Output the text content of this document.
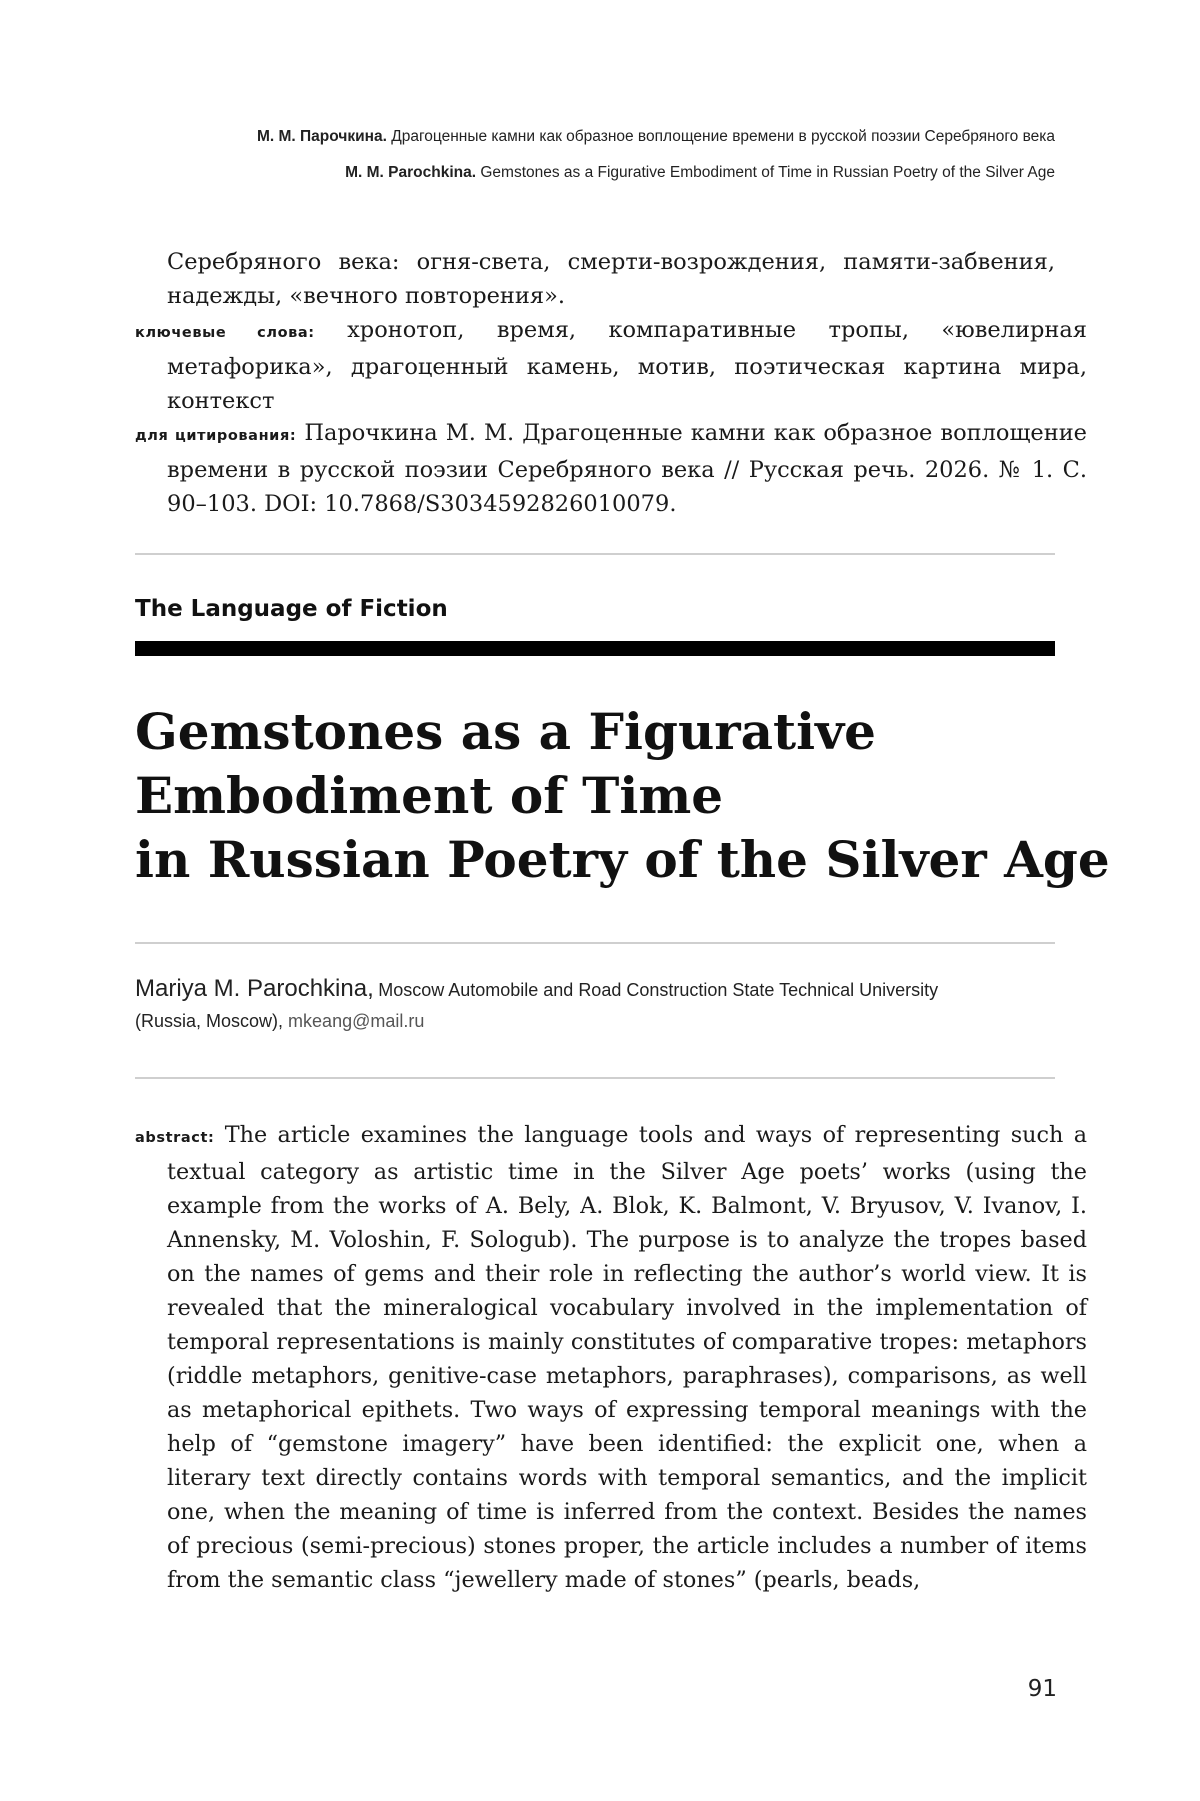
М. М. Парочкина. Драгоценные камни как образное воплощение времени в русской поэзии Серебряного века
M. M. Parochkina. Gemstones as a Figurative Embodiment of Time in Russian Poetry of the Silver Age
Серебряного века: огня-света, смерти-возрождения, памяти-забвения, надежды, «вечного повторения».
ключевые слова: хронотоп, время, компаративные тропы, «ювелирная метафорика», драгоценный камень, мотив, поэтическая картина мира, контекст
для цитирования: Парочкина М. М. Драгоценные камни как образное воплощение времени в русской поэзии Серебряного века // Русская речь. 2026. № 1. С. 90–103. DOI: 10.7868/S3034592826010079.
The Language of Fiction
Gemstones as a Figurative
Embodiment of Time
in Russian Poetry of the Silver Age
Mariya M. Parochkina, Moscow Automobile and Road Construction State Technical University
(Russia, Moscow), mkeang@mail.ru
abstract: The article examines the language tools and ways of representing such a textual category as artistic time in the Silver Age poets’ works (using the example from the works of A. Bely, A. Blok, K. Balmont, V. Bryusov, V. Ivanov, I. Annensky, M. Voloshin, F. Sologub). The purpose is to analyze the tropes based on the names of gems and their role in reflecting the author’s world view. It is revealed that the mineralogical vocabulary involved in the implementation of temporal representations is mainly constitutes of comparative tropes: metaphors (riddle metaphors, genitive-case metaphors, paraphrases), comparisons, as well as metaphorical epithets. Two ways of expressing temporal meanings with the help of “gemstone imagery” have been identified: the explicit one, when a literary text directly contains words with temporal semantics, and the implicit one, when the meaning of time is inferred from the context. Besides the names of precious (semi-precious) stones proper, the article includes a number of items from the semantic class “jewellery made of stones” (pearls, beads,
91
